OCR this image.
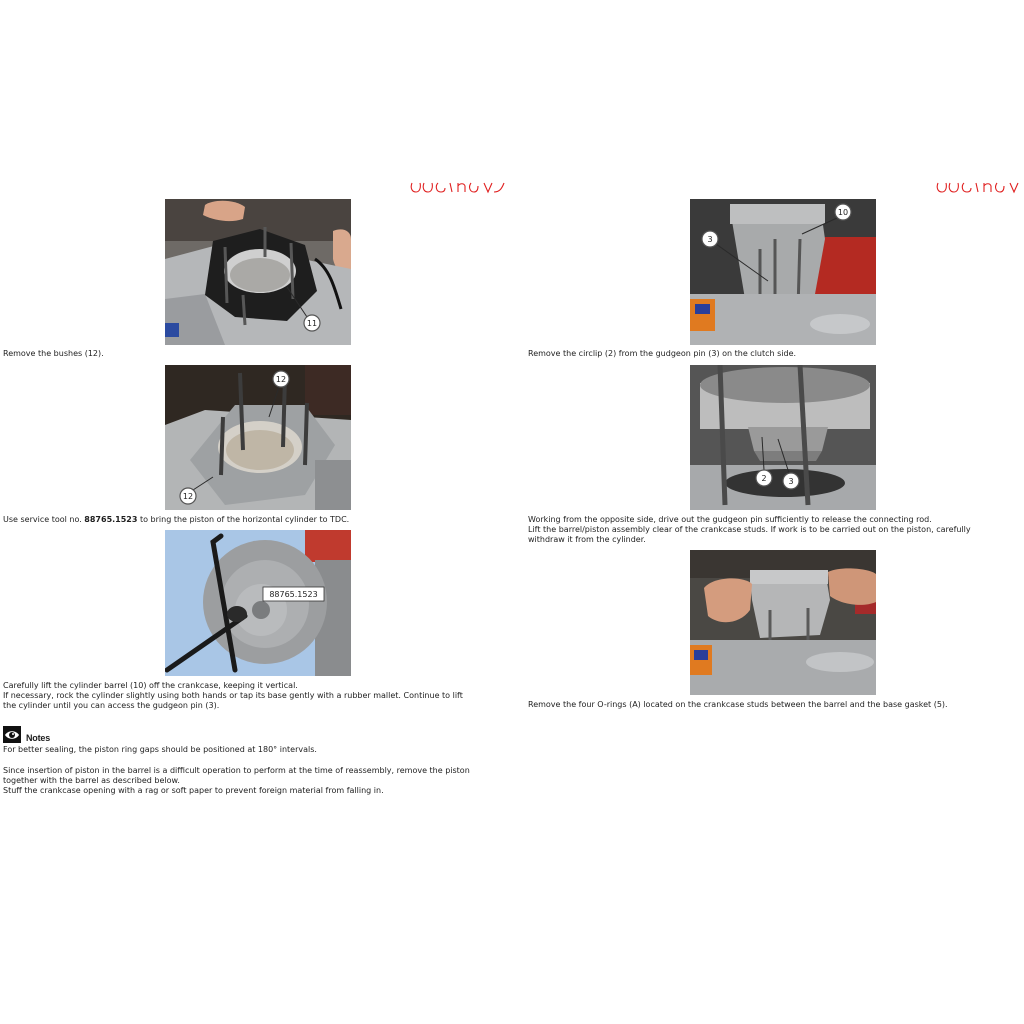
11
Remove the bushes (12).
12
12
Use service tool no. 88765.1523 to bring the piston of the horizontal cylinder to TDC.
88765.1523
Carefully lift the cylinder barrel (10) off the crankcase, keeping it vertical.
If necessary, rock the cylinder slightly using both hands or tap its base gently with a rubber mallet. Continue to lift
the cylinder until you can access the gudgeon pin (3).
Notes
For better sealing, the piston ring gaps should be positioned at 180° intervals.
Since insertion of piston in the barrel is a difficult operation to perform at the time of reassembly, remove the piston
together with the barrel as described below.
Stuff the crankcase opening with a rag or soft paper to prevent foreign material from falling in.
3
10
Remove the circlip (2) from the gudgeon pin (3) on the clutch side.
2	3
Working from the opposite side, drive out the gudgeon pin sufficiently to release the connecting rod.
Lift the barrel/piston assembly clear of the crankcase studs. If work is to be carried out on the piston, carefully
withdraw it from the cylinder.
Remove the four O-rings (A) located on the crankcase studs between the barrel and the base gasket (5).
